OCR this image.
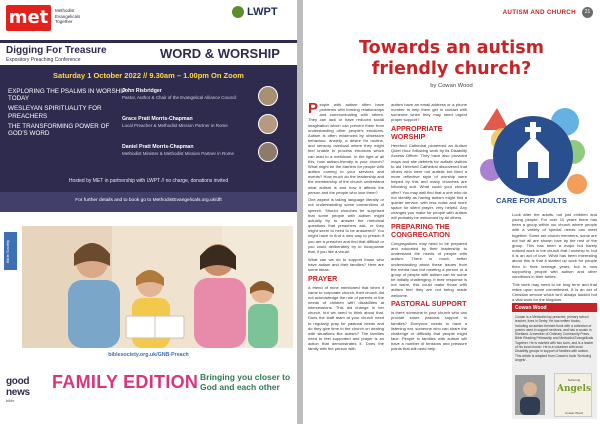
met	Methodist Evangelicals Together
LWPT
Digging For Treasure
Expository Preaching Conference	WORD & WORSHIP
Saturday 1 October 2022 // 9.30am – 1.00pm On Zoom
EXPLORING THE PSALMS IN WORSHIP TODAY
WESLEYAN SPIRITUALITY FOR PREACHERS
THE TRANSFORMING POWER OF GOD'S WORD
John Risbridger
Pastor, Author & Chair of the Evangelical Alliance Council
Grace Pratt Morris-Chapman
Local Preacher & Methodist Mission Partner in Rome
Daniel Pratt Morris-Chapman
Methodist Minister & Methodist Mission Partner in Rome
Hosted by MET in partnership with LWPT // no charge, donations invited
For further details and to book go to MethodistEvangelicals.org.uk/dft
Bible Society
biblesociety.org.uk/GNB-Preach
good news
bible
FAMILY EDITION Bringing you closer to God and each other
AUTISM AND CHURCH	21
Towards an autism
friendly church?
by Cowan Wood

People with autism often have problems with forming relationships and communicating with others. They can lack or have reduced social imagination which can prevent them from understanding other people's emotions. Autism is often evidenced by obsessive behaviour, anxiety, a desire for routine, and sensory overload where they might feel unable to process emotions which can lead to a meltdown. In the light of all this, how autism-friendly is your church? What might be the barriers for people with autism coming to your services and events? How much do the leadership and the membership of the church understand what autism is and how it affects the person and the people who love them?

One aspect is taking language literally or not understanding some conventions of speech. Should churches be surprised that some people with autism might actually try to answer the rhetorical questions that preachers ask, or they might seem to need to be answered? You might have to find a new way to preach if you are a preacher and find that difficult or you could deliberately try to incorporate that, if you like a visual.

What can we do to support those who have autism and their families? Here are some ideas:

PRAYER

A friend of mine mentioned that when it came to corporate church, their church did not acknowledge the role of parents or the needs of children with disabilities at intercessions. This did change in her church, but we need to think about that. Does the staff team at your church need to regularly pray for pastoral needs and do they give time to the church on dealing with situations like autism? The families need to feel supported and prayer is an action that demonstrates it. Does the family with the person with

autism have an email address or a phone number to help them get in contact with someone when they may need urgent prayer support?

APPROPRIATE WORSHIP

Hereford Cathedral pioneered an Autism Quiet Hour following work by its Disability Access Officer. They have also provided maps and site debriefs for autistic visitors to aid Hereford Cathedral discovered that others who were not autistic but liked a more reflective style of worship were helped by this and many churches are following suit. What could your church offer? You may well find that a one who do not identify as having autism might find a quieter service, with less noise and more space for silent prayer, very helpful. Any changes you make for people with autism will probably be welcomed by all others.

PREPARING THE CONGREGATION

Congregations may need to be prepared and educated by their leadership to understand the needs of people with autism. There is much better understanding about these issues from the media now but meeting a person or a group of people with autism can for some be initially challenging. If their response is not warm, this could make those with autism feel they are not being made welcome.

PASTORAL SUPPORT

Is there someone in your church who can provide some pastoral support to families? Everyone needs to have a listening ear, someone who can share the challenge or difficulty that people might face. People in families with autism will have a number of tensions and pressure points that will need help.

CARE FOR ADULTS

Look after the adults, not just children and young people. For over 10 years there has been a group within our church where people with a variety of special needs can meet together. Some are church members, some are not but all are shown love by the rest of the group. This has been a major but barely noticed work in the church that I worship in, but it is an act of love. What has been interesting about this is that it started up work for people then in their teenage years, but is now supporting people with autism and other conditions in their forties.

This work may need to be long term and that relies upon some commitment. It is an act of Christian service which isn't always lauded but a vital work for the kingdom.

Cowan Wood
Cowan is a Methodist lay preacher, primary school teacher, lives in Derby. He has written books, including an autism-themed book with a collection of poems used in support services, and has a cousin in Shetland. A member of Ordinary Community Press, Bible Reading Fellowship and Methodist Evangelicals Together. He is married with two sons, and is a leader of his local church. He is a volunteer with local Disability groups in support of families with autism. This article is adapted from Cowan's book 'Nurturing Angels'.
Nurturing
Angels
Cowan Wood
